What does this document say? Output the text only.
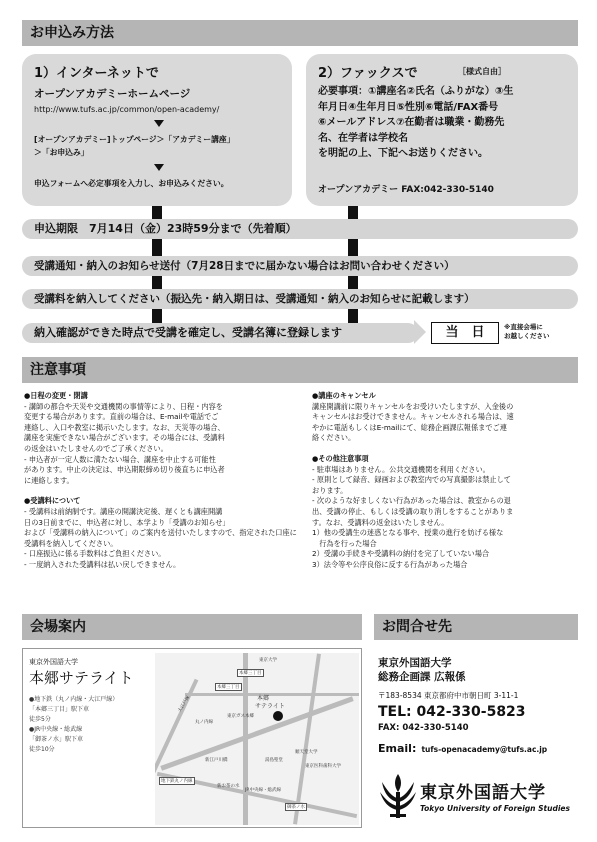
お申込み方法
1）インターネットで
オープンアカデミーホームページ
http://www.tufs.ac.jp/common/open-academy/
[オープンアカデミー]トップページ＞「アカデミー講座」
＞「お申込み」
申込フォームへ必定事項を入力し、お申込みください。
2）ファックスで	［様式自由］
必要事項：①講座名②氏名（ふりがな）③生
年月日④生年月日⑤性別⑥電話/FAX番号
⑥メールアドレス⑦在勤者は職業・勤務先
名、在学者は学校名
を明記の上、下記へお送りください。
オープンアカデミー FAX:042-330-5140
申込期限　7月14日（金）23時59分まで（先着順）
受講通知・納入のお知らせ送付（7月28日までに届かない場合はお問い合わせください）
受講料を納入してください（振込先・納入期日は、受講通知・納入のお知らせに記載します）
納入確認ができた時点で受講を確定し、受講名簿に登録します	当　日	※直接会場に
お越しください
注意事項

●日程の変更・閉講

- 講師の都合や天災や交通機関の事情等により、日程・内容を

変更する場合があります。直前の場合は、E-mailや電話でご

連絡し、入口や教室に掲示いたします。なお、天災等の場合、

講座を実施できない場合がございます。その場合には、受講料

の返金はいたしませんのでご了承ください。

- 申込者が一定人数に満たない場合、講座を中止する可能性

があります。中止の決定は、申込期限締め切り後直ちに申込者

に連絡します。

●受講料について

- 受講料は前納制です。講座の開講決定後、遅くとも講座開講

日の3日前までに、申込者に対し、本学より「受講のお知らせ」

および「受講料の納入について」のご案内を送付いたしますので、指定された口座に受講料を納入してください。

- 口座振込に係る手数料はご負担ください。

- 一度納入された受講料は払い戻しできません。

●講座のキャンセル

講座開講前に限りキャンセルをお受けいたしますが、入金後の

キャンセルはお受けできません。キャンセルされる場合は、速

やかに電話もしくはE-mailにて、総務企画課広報係までご連

絡ください。

●その他注意事項

- 駐車場はありません。公共交通機関を利用ください。

- 原則として録音、録画および教室内での写真撮影は禁止して

おります。

- 次のような好ましくない行為があった場合は、教室からの退

出、受講の停止、もしくは受講の取り消しをすることがありま

す。なお、受講料の返金はいたしません。

1）他の受講生の迷惑となる事や、授業の進行を妨げる様な

　行為を行った場合

2）受講の手続きや受講料の納付を完了していない場合

3）法令等や公序良俗に反する行為があった場合

会場案内
東京外国語大学
本郷サテライト
●地下鉄（丸ノ内線・大江戸線）
「本郷三丁目」駅下車
徒歩5分
●JR中央線・総武線
「御茶ノ水」駅下車
徒歩10分
東京大学
本郷三丁目
本郷三丁目
本郷
サテライト
東京ガス本郷
順天堂大学
東京医科歯科大学
新江戸川橋
御茶ノ水
湯島聖堂
新お茶の水
JR中央線・総武線
丸ノ内線
大江戸線
地下鉄丸ノ内線
お問合せ先
東京外国語大学
総務企画課 広報係
〒183-8534 東京都府中市朝日町 3-11-1
TEL: 042-330-5823
FAX: 042-330-5140
Email: tufs-openacademy@tufs.ac.jp
東京外国語大学
Tokyo University of Foreign Studies
